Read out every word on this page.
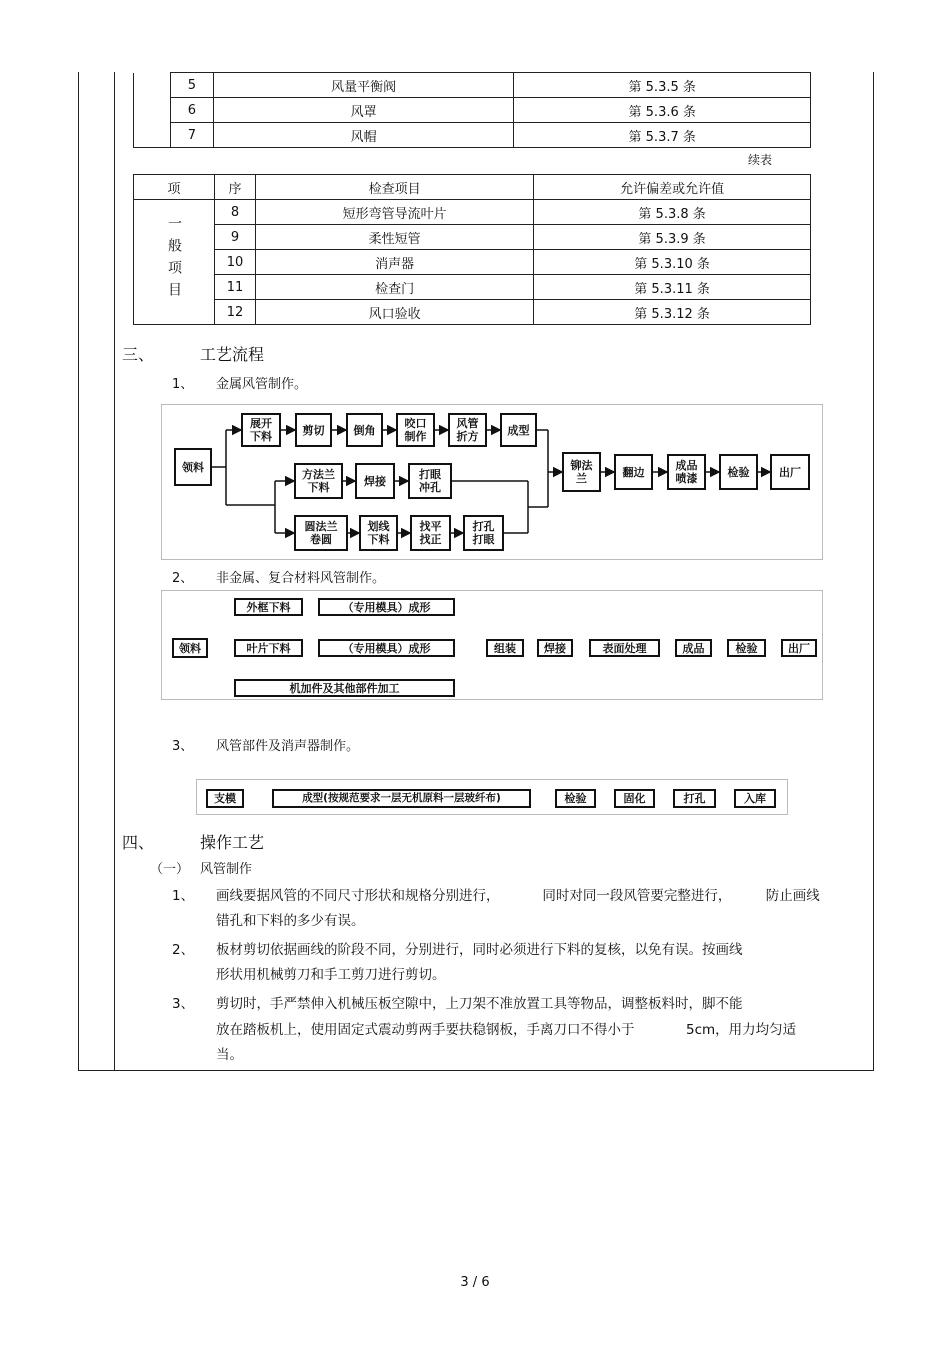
	5	风量平衡阀	第 5.3.5 条
	6	风罩	第 5.3.6 条
	7	风帽	第 5.3.7 条
续表
项	序	检查项目	允许偏差或允许值
一般项目	8	短形弯管导流叶片	第 5.3.8 条
	9	柔性短管	第 5.3.9 条
	10	消声器	第 5.3.10 条
	11	检查门	第 5.3.11 条
	12	风口验收	第 5.3.12 条
三、	工艺流程
1、 金属风管制作。
领料
展开
下料	剪切	倒角	咬口
制作
风管
折方	成型
方法兰
下料	焊接	打眼
冲孔
圆法兰
卷圆
划线
下料
找平
找正
打孔
打眼
铆法
兰	翻边	成品
喷漆	检验	出厂
2、 非金属、复合材料风管制作。
领料
外框下料	（专用模具）成形
叶片下料	（专用模具）成形
机加件及其他部件加工
组装	焊接	表面处理	成品	检验	出厂
3、 风管部件及消声器制作。
支模	成型(按规范要求一层无机原料一层玻纤布)	检验	固化	打孔	入库
四、	操作工艺
（一） 风管制作
1、 画线要据风管的不同尺寸形状和规格分别进行，          同时对同一段风管要完整进行，        防止画线
错孔和下料的多少有误。
2、 板材剪切依据画线的阶段不同，分别进行，同时必须进行下料的复核，以免有误。按画线
形状用机械剪刀和手工剪刀进行剪切。
3、 剪切时，手严禁伸入机械压板空隙中，上刀架不准放置工具等物品，调整板料时，脚不能
放在踏板机上，使用固定式震动剪两手要扶稳钢板，手离刀口不得小于            5cm，用力均匀适
当。
3 / 6
